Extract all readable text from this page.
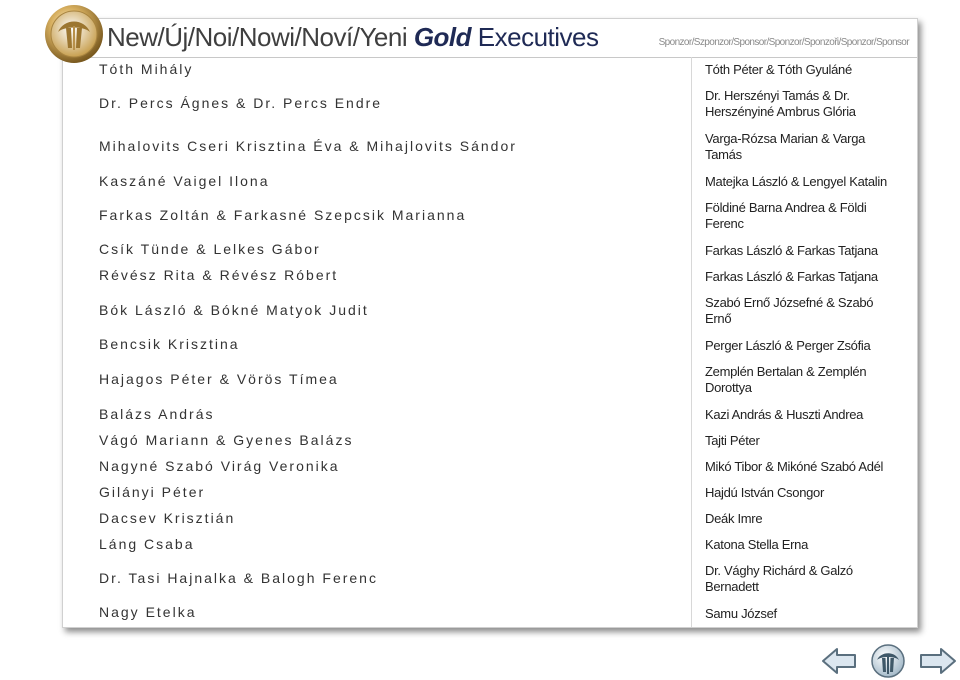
New/Új/Noi/Nowi/Noví/Yeni Gold Executives	Sponzor/Szponzor/Sponsor/Sponzor/Sponzoři/Sponzor/Sponsor
Tóth Mihály
Dr. Percs Ágnes & Dr. Percs Endre
Mihalovits Cseri Krisztina Éva & Mihajlovits Sándor
Kaszáné Vaigel Ilona
Farkas Zoltán & Farkasné Szepcsik Marianna
Csík Tünde & Lelkes Gábor
Révész Rita & Révész Róbert
Bók László & Bókné Matyok Judit
Bencsik Krisztina
Hajagos Péter & Vörös Tímea
Balázs András
Vágó Mariann & Gyenes Balázs
Nagyné Szabó Virág Veronika
Gilányi Péter
Dacsev Krisztián
Láng Csaba
Dr. Tasi Hajnalka & Balogh Ferenc
Nagy Etelka
Tóth Péter & Tóth Gyuláné
Dr. Herszényi Tamás & Dr. Herszényiné Ambrus Glória
Varga-Rózsa Marian & Varga Tamás
Matejka László & Lengyel Katalin
Földiné Barna Andrea & Földi Ferenc
Farkas László & Farkas Tatjana
Farkas László & Farkas Tatjana
Szabó Ernő Józsefné & Szabó Ernő
Perger László & Perger Zsófia
Zemplén Bertalan & Zemplén Dorottya
Kazi András & Huszti Andrea
Tajti Péter
Mikó Tibor & Mikóné Szabó Adél
Hajdú István Csongor
Deák Imre
Katona Stella Erna
Dr. Vághy Richárd & Galzó Bernadett
Samu József
